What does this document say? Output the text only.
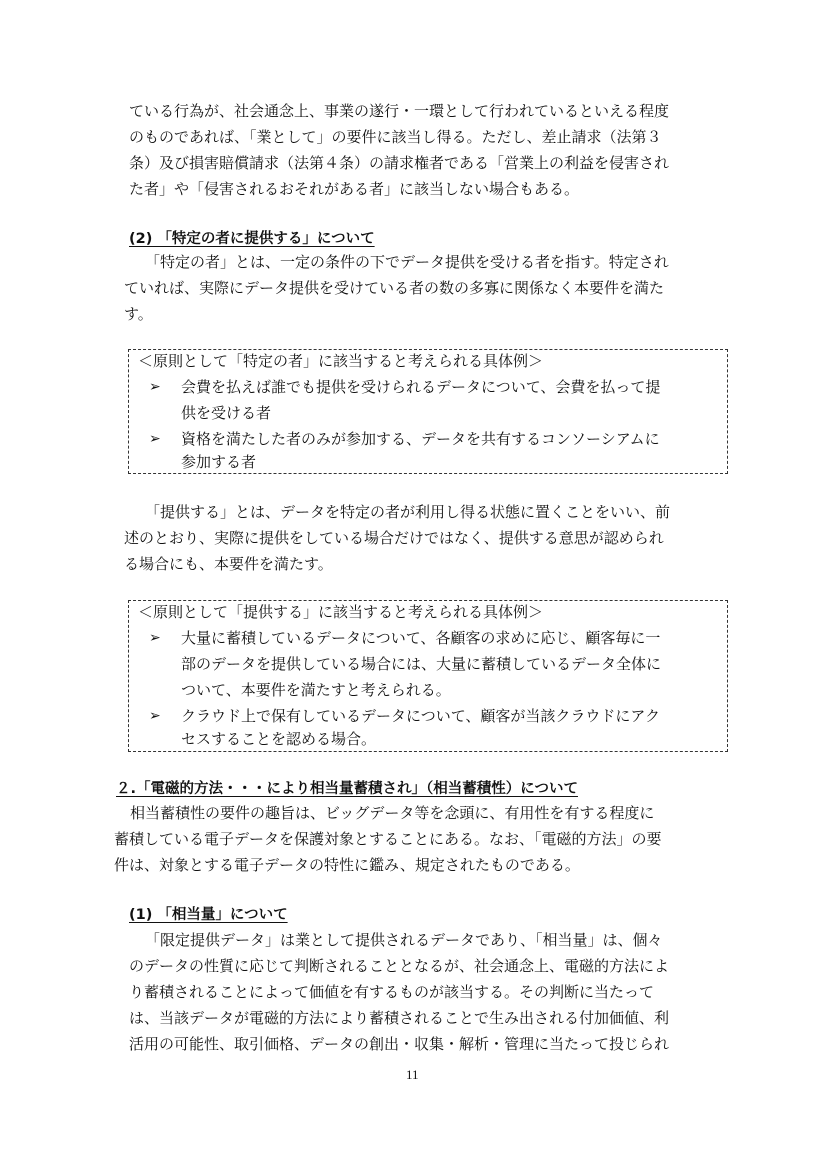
ている行為が、社会通念上、事業の遂行・一環として行われているといえる程度
のものであれば、「業として」の要件に該当し得る。ただし、差止請求（法第３
条）及び損害賠償請求（法第４条）の請求権者である「営業上の利益を侵害され
た者」や「侵害されるおそれがある者」に該当しない場合もある。
(2) 「特定の者に提供する」について
「特定の者」とは、一定の条件の下でデータ提供を受ける者を指す。特定され
ていれば、実際にデータ提供を受けている者の数の多寡に関係なく本要件を満た
す。
＜原則として「特定の者」に該当すると考えられる具体例＞
➢ 会費を払えば誰でも提供を受けられるデータについて、会費を払って提
供を受ける者
➢ 資格を満たした者のみが参加する、データを共有するコンソーシアムに
参加する者
「提供する」とは、データを特定の者が利用し得る状態に置くことをいい、前
述のとおり、実際に提供をしている場合だけではなく、提供する意思が認められ
る場合にも、本要件を満たす。
＜原則として「提供する」に該当すると考えられる具体例＞
➢ 大量に蓄積しているデータについて、各顧客の求めに応じ、顧客毎に一
部のデータを提供している場合には、大量に蓄積しているデータ全体に
ついて、本要件を満たすと考えられる。
➢ クラウド上で保有しているデータについて、顧客が当該クラウドにアク
セスすることを認める場合。
２.「電磁的方法・・・により相当量蓄積され」（相当蓄積性）について
相当蓄積性の要件の趣旨は、ビッグデータ等を念頭に、有用性を有する程度に
蓄積している電子データを保護対象とすることにある。なお、「電磁的方法」の要
件は、対象とする電子データの特性に鑑み、規定されたものである。
(1) 「相当量」について
「限定提供データ」は業として提供されるデータであり、「相当量」は、個々
のデータの性質に応じて判断されることとなるが、社会通念上、電磁的方法によ
り蓄積されることによって価値を有するものが該当する。その判断に当たって
は、当該データが電磁的方法により蓄積されることで生み出される付加価値、利
活用の可能性、取引価格、データの創出・収集・解析・管理に当たって投じられ
11
